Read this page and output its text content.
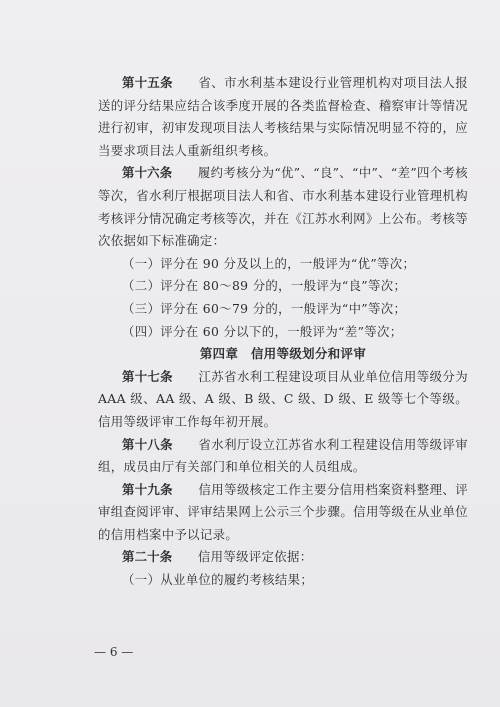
第十五条　　 省、市水利基本建设行业管理机构对项目法人报送的评分结果应结合该季度开展的各类监督检查、稽察审计等情况进行初审，初审发现项目法人考核结果与实际情况明显不符的，应当要求项目法人重新组织考核。

第十六条　　 履约考核分为“优”、“良”、“中”、“差”四个考核等次，省水利厅根据项目法人和省、市水利基本建设行业管理机构考核评分情况确定考核等次，并在《江苏水利网》上公布。考核等次依据如下标准确定：

（一）评分在 90 分及以上的，一般评为“优”等次；

（二）评分在 80～89 分的，一般评为“良”等次；

（三）评分在 60～79 分的，一般评为“中”等次；

（四）评分在 60 分以下的，一般评为“差”等次；

第四章　信用等级划分和评审

第十七条　　 江苏省水利工程建设项目从业单位信用等级分为 AAA 级、AA 级、A 级、B 级、C 级、D 级、E 级等七个等级。信用等级评审工作每年初开展。

第十八条　　 省水利厅设立江苏省水利工程建设信用等级评审组，成员由厅有关部门和单位相关的人员组成。

第十九条　　 信用等级核定工作主要分信用档案资料整理、评审组查阅评审、评审结果网上公示三个步骤。信用等级在从业单位的信用档案中予以记录。

第二十条　　 信用等级评定依据：

（一）从业单位的履约考核结果；

— 6 —
